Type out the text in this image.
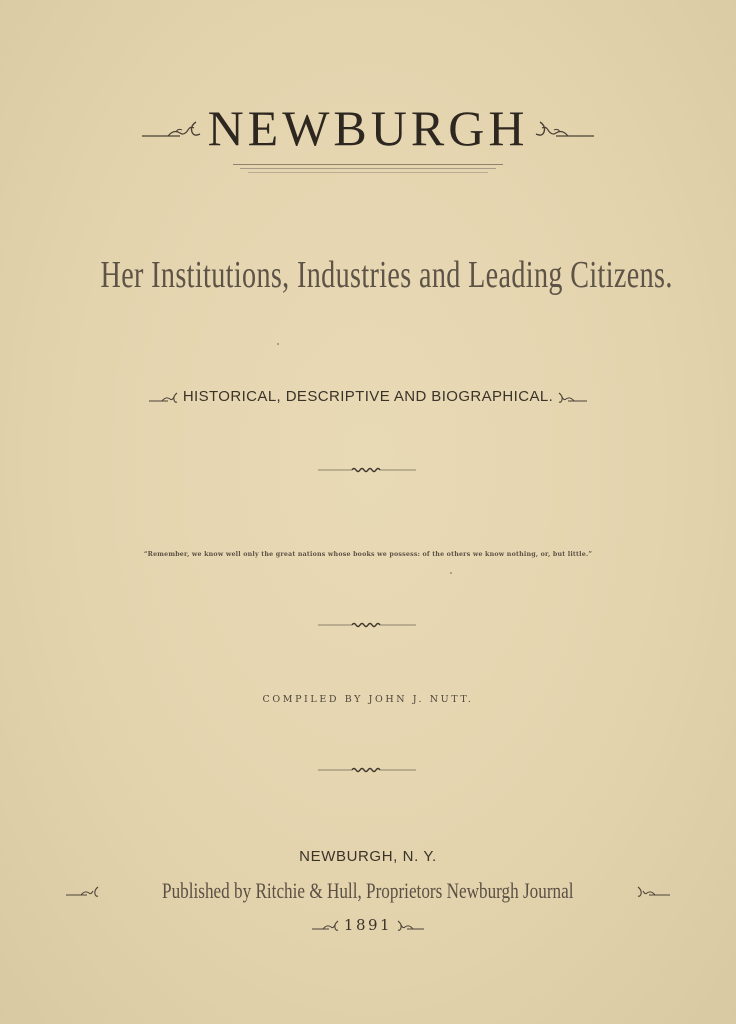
NEWBURGH
Her Institutions, Industries and Leading Citizens.
HISTORICAL, DESCRIPTIVE AND BIOGRAPHICAL.
“Remember, we know well only the great nations whose books we possess: of the others we know nothing, or, but little.”
COMPILED BY JOHN J. NUTT.
NEWBURGH, N. Y.
Published by Ritchie & Hull, Proprietors Newburgh Journal
1891
